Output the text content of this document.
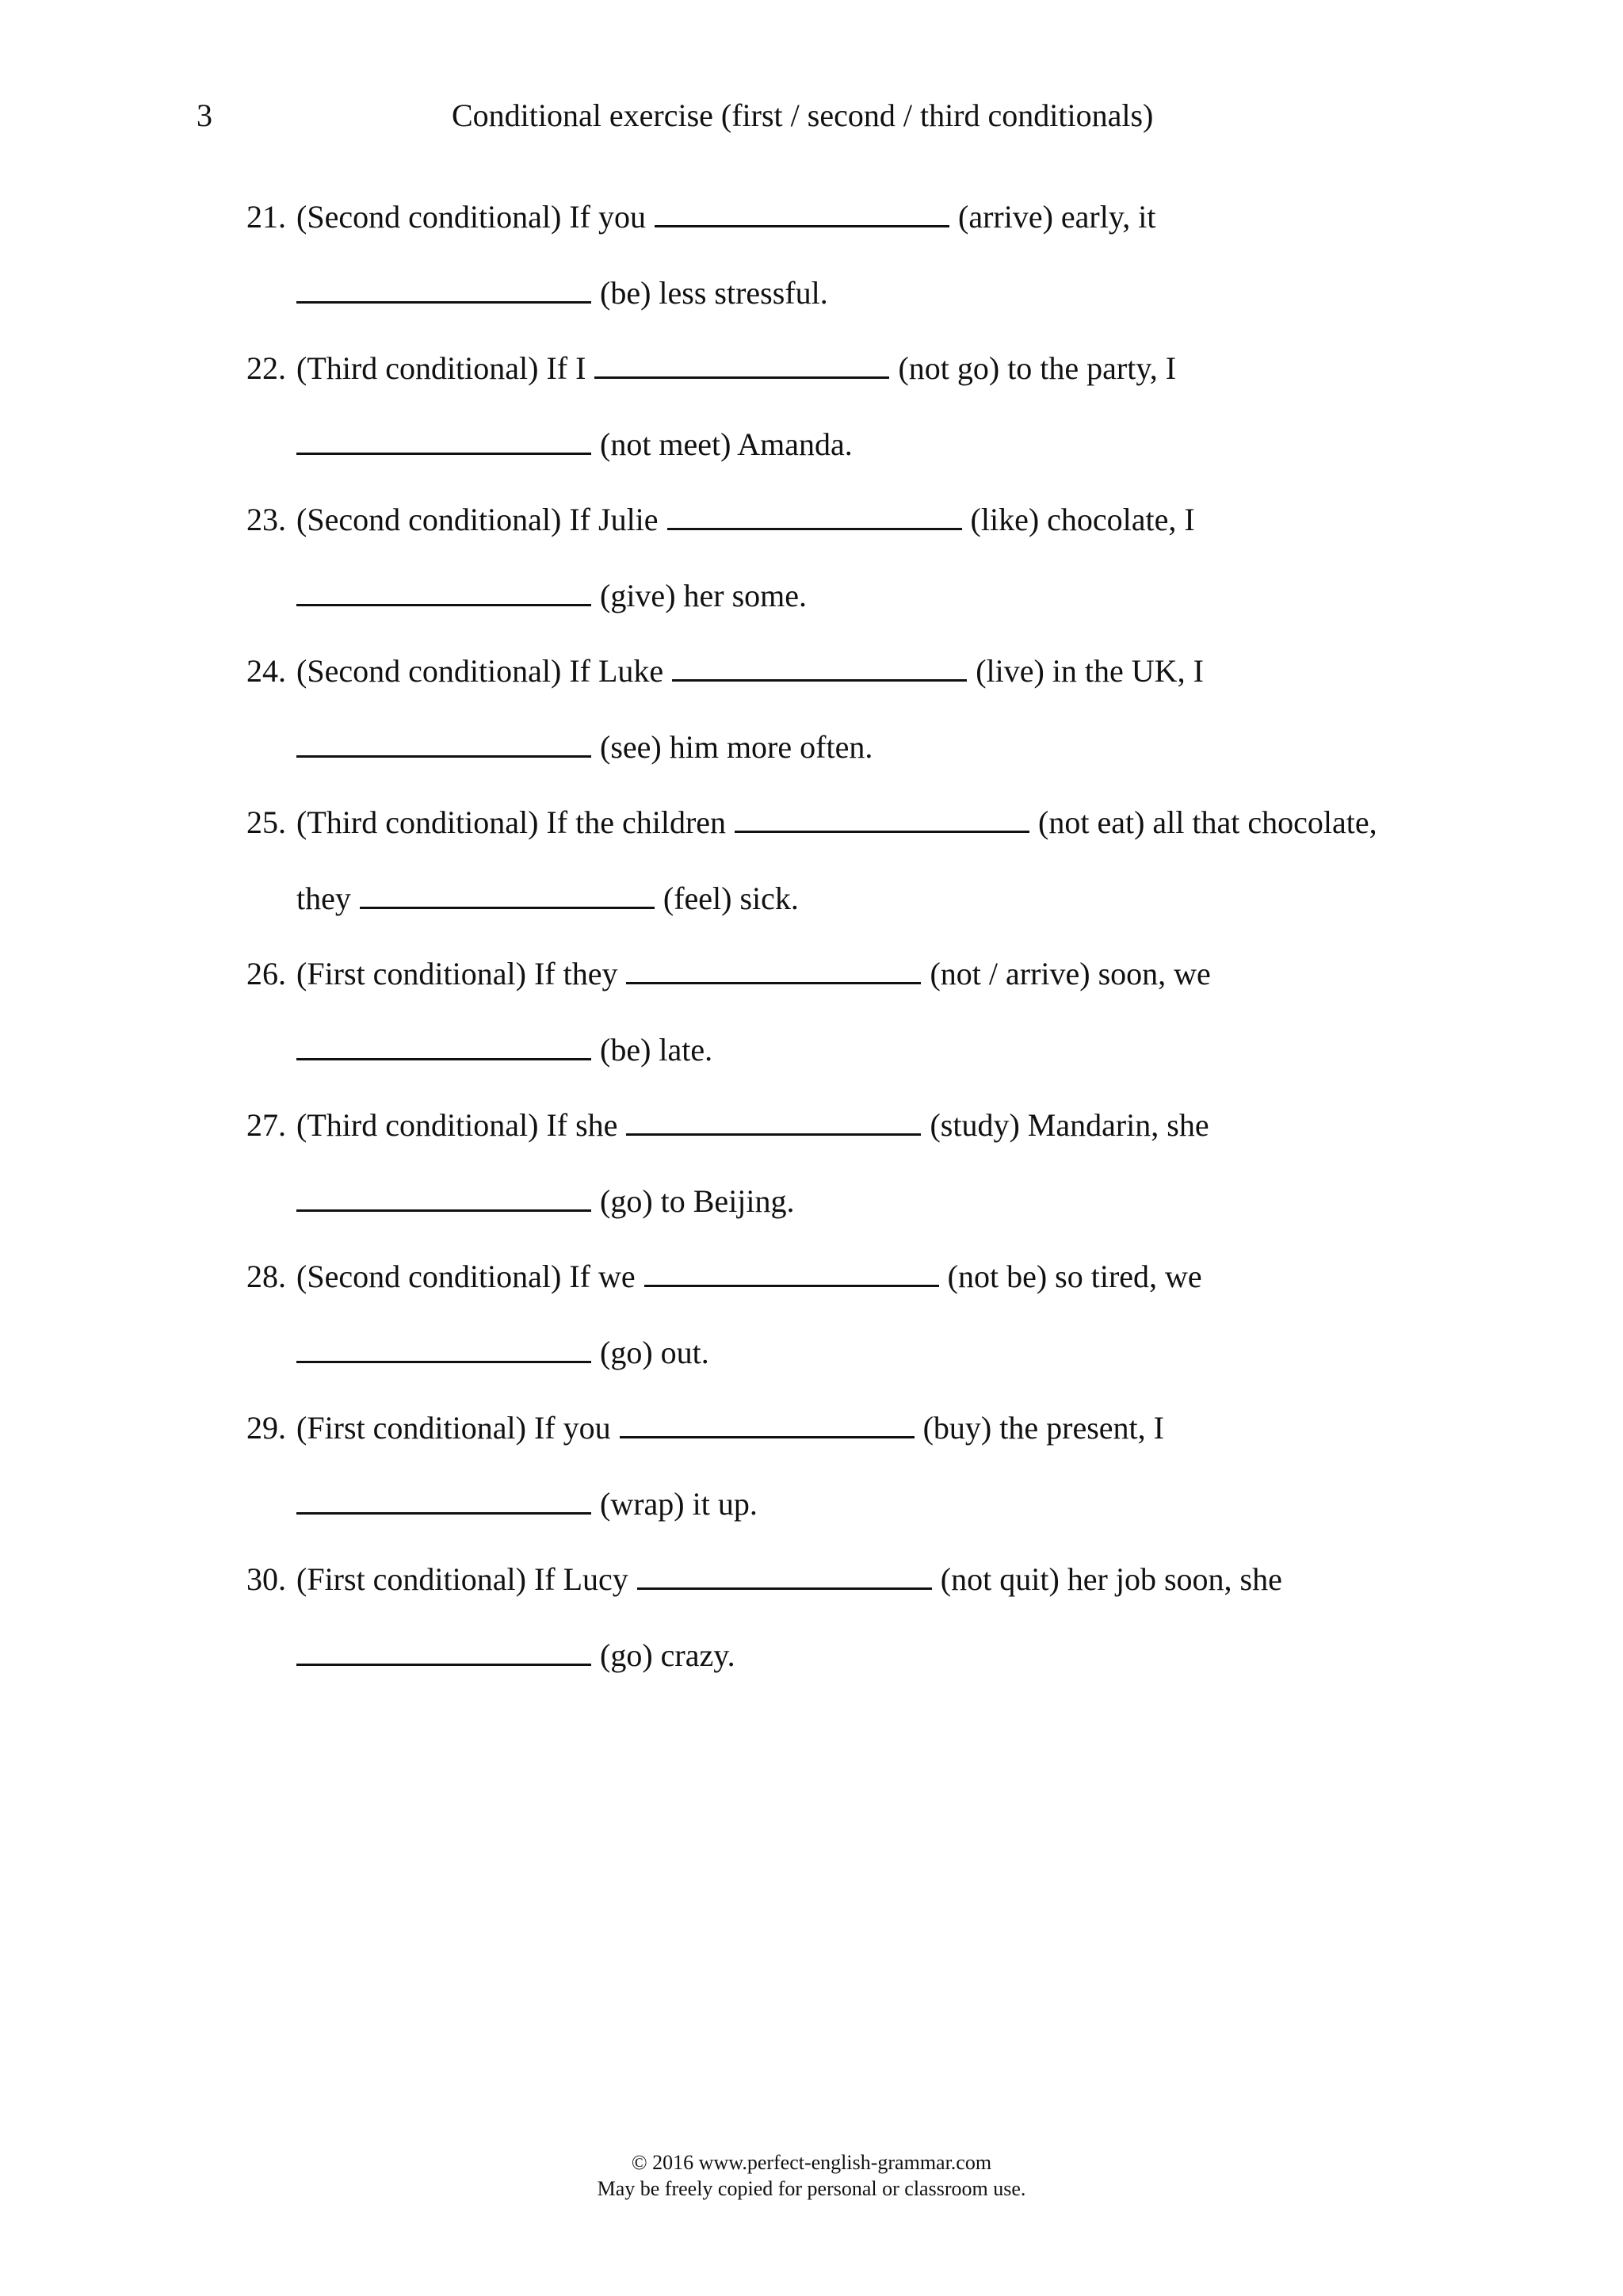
3	Conditional exercise (first / second / third conditionals)
21. (Second conditional) If you	(arrive) early, it
(be) less stressful.
22. (Third conditional) If I	(not go) to the party, I
(not meet) Amanda.
23. (Second conditional) If Julie	(like) chocolate, I
(give) her some.
24. (Second conditional) If Luke	(live) in the UK, I
(see) him more often.
25. (Third conditional) If the children	(not eat) all that chocolate,
they	(feel) sick.
26. (First conditional) If they	(not / arrive) soon, we
(be) late.
27. (Third conditional) If she	(study) Mandarin, she
(go) to Beijing.
28. (Second conditional) If we	(not be) so tired, we
(go) out.
29. (First conditional) If you	(buy) the present, I
(wrap) it up.
30. (First conditional) If Lucy	(not quit) her job soon, she
(go) crazy.
© 2016 www.perfect-english-grammar.com
May be freely copied for personal or classroom use.
